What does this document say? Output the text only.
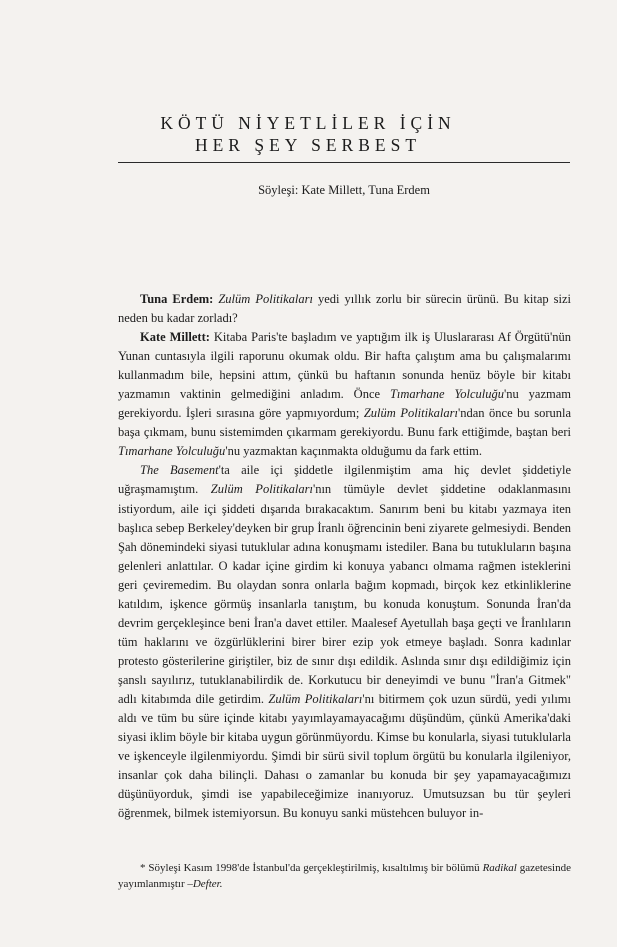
KÖTÜ NİYETLİLER İÇİN
HER ŞEY SERBEST
Söyleşi: Kate Millett, Tuna Erdem

Tuna Erdem: Zulüm Politikaları yedi yıllık zorlu bir sürecin ürünü. Bu kitap sizi neden bu kadar zorladı?

Kate Millett: Kitaba Paris'te başladım ve yaptığım ilk iş Uluslararası Af Örgütü'nün Yunan cuntasıyla ilgili raporunu okumak oldu. Bir hafta çalıştım ama bu çalışmalarımı kullanmadım bile, hepsini attım, çünkü bu haftanın sonunda henüz böyle bir kitabı yazmamın vaktinin gelmediğini anladım. Önce Tımarhane Yolculuğu'nu yazmam gerekiyordu. İşleri sırasına göre yapmıyordum; Zulüm Politikaları'ndan önce bu sorunla başa çıkmam, bunu sistemimden çıkarmam gerekiyordu. Bunu fark ettiğimde, baştan beri Tımarhane Yolculuğu'nu yazmaktan kaçınmakta olduğumu da fark ettim.

The Basement'ta aile içi şiddetle ilgilenmiştim ama hiç devlet şiddetiyle uğraşmamıştım. Zulüm Politikaları'nın tümüyle devlet şiddetine odaklanmasını istiyordum, aile içi şiddeti dışarıda bırakacaktım. Sanırım beni bu kitabı yazmaya iten başlıca sebep Berkeley'deyken bir grup İranlı öğrencinin beni ziyarete gelmesiydi. Benden Şah dönemindeki siyasi tutuklular adına konuşmamı istediler. Bana bu tutukluların başına gelenleri anlattılar. O kadar içine girdim ki konuya yabancı olmama rağmen isteklerini geri çeviremedim. Bu olaydan sonra onlarla bağım kopmadı, birçok kez etkinliklerine katıldım, işkence görmüş insanlarla tanıştım, bu konuda konuştum. Sonunda İran'da devrim gerçekleşince beni İran'a davet ettiler. Maalesef Ayetullah başa geçti ve İranlıların tüm haklarını ve özgürlüklerini birer birer ezip yok etmeye başladı. Sonra kadınlar protesto gösterilerine giriştiler, biz de sınır dışı edildik. Aslında sınır dışı edildiğimiz için şanslı sayılırız, tutuklanabilirdik de. Korkutucu bir deneyimdi ve bunu "İran'a Gitmek" adlı kitabımda dile getirdim. Zulüm Politikaları'nı bitirmem çok uzun sürdü, yedi yılımı aldı ve tüm bu süre içinde kitabı yayımlayamayacağımı düşündüm, çünkü Amerika'daki siyasi iklim böyle bir kitaba uygun görünmüyordu. Kimse bu konularla, siyasi tutuklularla ve işkenceyle ilgilenmiyordu. Şimdi bir sürü sivil toplum örgütü bu konularla ilgileniyor, insanlar çok daha bilinçli. Dahası o zamanlar bu konuda bir şey yapamayacağımızı düşünüyorduk, şimdi ise yapabileceğimize inanıyoruz. Umutsuzsan bu tür şeyleri öğrenmek, bilmek istemiyorsun. Bu konuyu sanki müstehcen buluyor in-

* Söyleşi Kasım 1998'de İstanbul'da gerçekleştirilmiş, kısaltılmış bir bölümü Radikal gazetesinde yayımlanmıştır –Defter.
